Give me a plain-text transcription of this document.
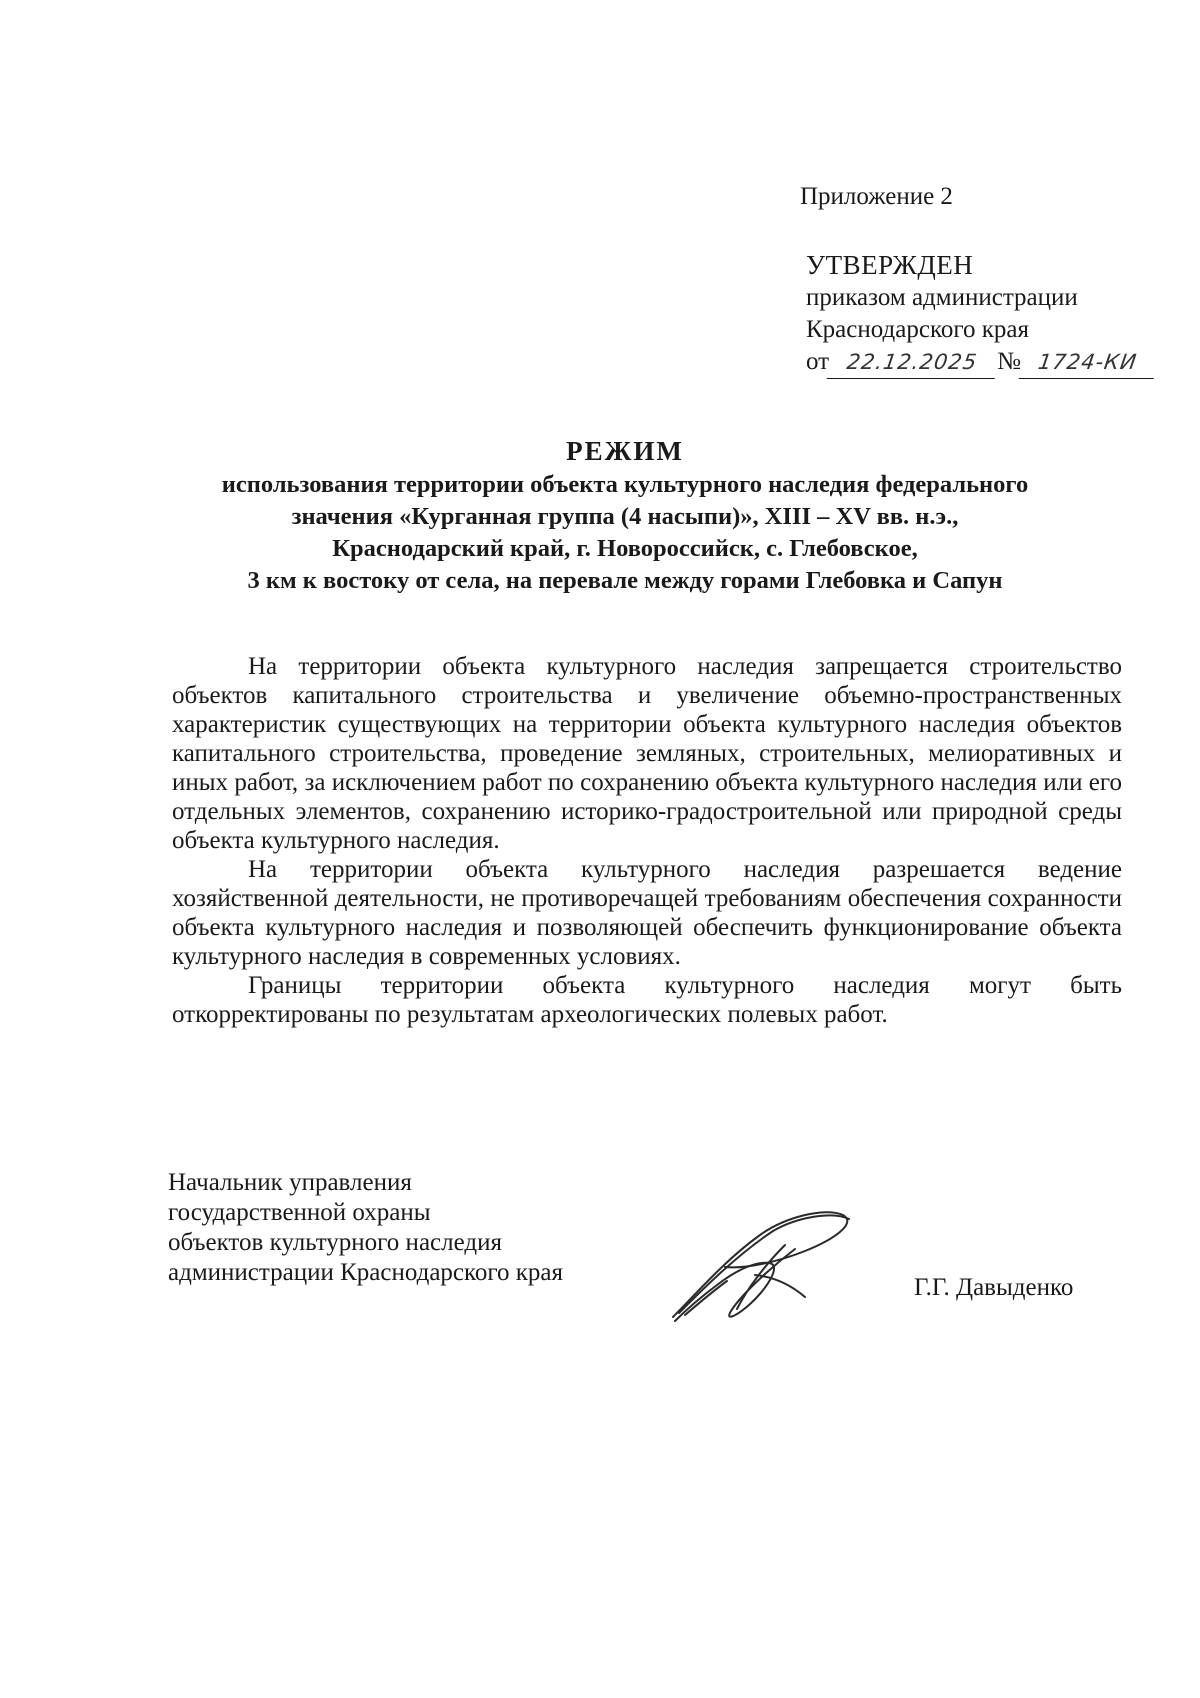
Приложение 2
УТВЕРЖДЕН
приказом администрации
Краснодарского края
от 22.12.2025 № 1724-КИ
РЕЖИМ
использования территории объекта культурного наследия федерального
значения «Курганная группа (4 насыпи)», XIII – XV вв. н.э.,
Краснодарский край, г. Новороссийск, с. Глебовское,
3 км к востоку от села, на перевале между горами Глебовка и Сапун

На территории объекта культурного наследия запрещается строительство объектов капитального строительства и увеличение объемно-пространственных характеристик существующих на территории объекта культурного наследия объектов капитального строительства, проведение земляных, строительных, мелиоративных и иных работ, за исключением работ по сохранению объекта культурного наследия или его отдельных элементов, сохранению историко-градостроительной или природной среды объекта культурного наследия.

На территории объекта культурного наследия разрешается ведение хозяйственной деятельности, не противоречащей требованиям обеспечения сохранности объекта культурного наследия и позволяющей обеспечить функционирование объекта культурного наследия в современных условиях.

Границы территории объекта культурного наследия могут быть откорректированы по результатам археологических полевых работ.

Начальник управления
государственной охраны
объектов культурного наследия
администрации Краснодарского края
Г.Г. Давыденко
